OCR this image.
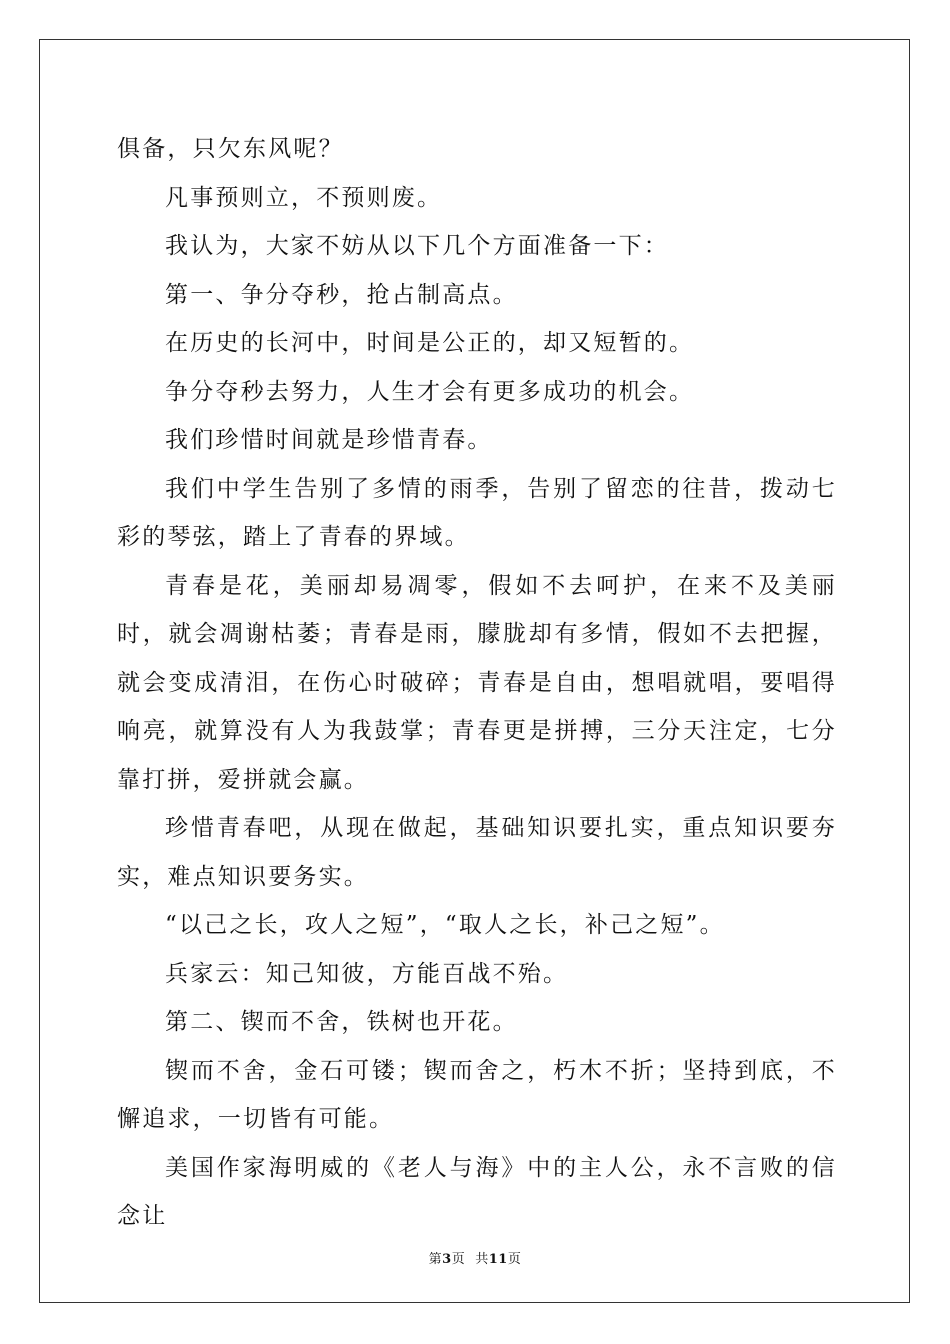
俱备，只欠东风呢？

凡事预则立，不预则废。

我认为，大家不妨从以下几个方面准备一下：

第一、争分夺秒，抢占制高点。

在历史的长河中，时间是公正的，却又短暂的。

争分夺秒去努力，人生才会有更多成功的机会。

我们珍惜时间就是珍惜青春。

我们中学生告别了多情的雨季，告别了留恋的往昔，拨动七彩的琴弦，踏上了青春的界域。

青春是花，美丽却易凋零，假如不去呵护，在来不及美丽时，就会凋谢枯萎；青春是雨，朦胧却有多情，假如不去把握，就会变成清泪，在伤心时破碎；青春是自由，想唱就唱，要唱得响亮，就算没有人为我鼓掌；青春更是拼搏，三分天注定，七分靠打拼，爱拼就会赢。

珍惜青春吧，从现在做起，基础知识要扎实，重点知识要夯实，难点知识要务实。

“以己之长，攻人之短”，“取人之长，补己之短”。

兵家云：知己知彼，方能百战不殆。

第二、锲而不舍，铁树也开花。

锲而不舍，金石可镂；锲而舍之，朽木不折；坚持到底，不懈追求，一切皆有可能。

美国作家海明威的《老人与海》中的主人公，永不言败的信念让

第3页 共11页
